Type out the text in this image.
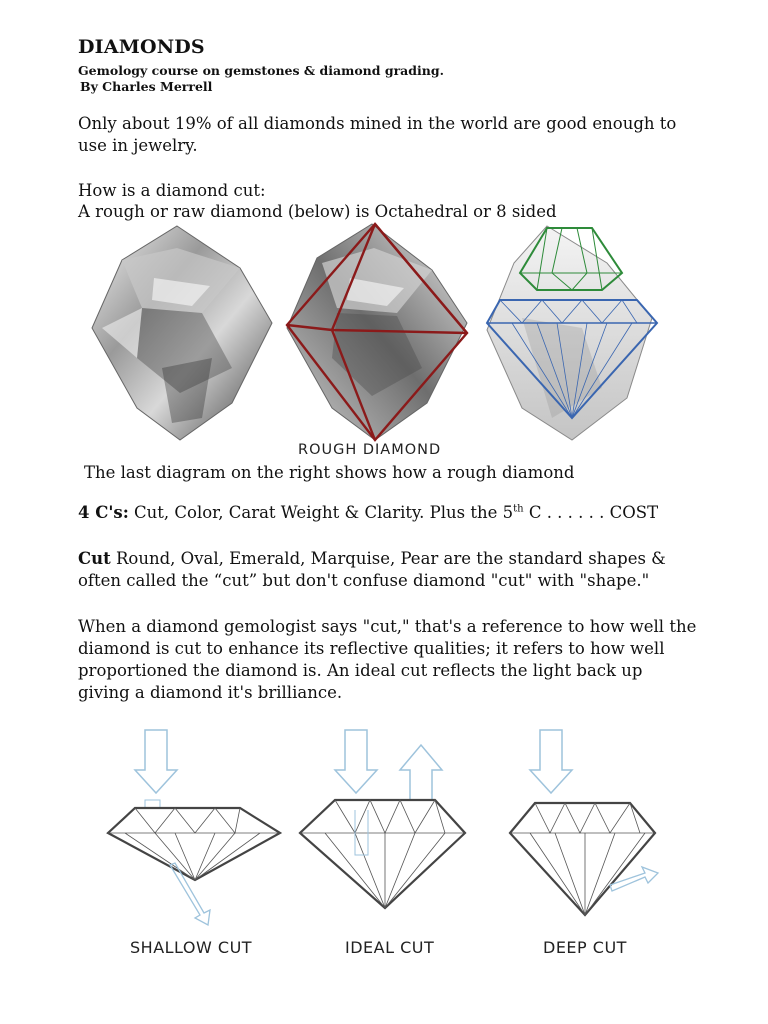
DIAMONDS
Gemology course on gemstones & diamond grading.
By Charles Merrell
Only about 19% of all diamonds mined in the world are good enough to use in jewelry.
How is a diamond cut:
A rough or raw diamond (below) is Octahedral or 8 sided
ROUGH DIAMOND
The last diagram on the right shows how a rough diamond
4 C's: Cut, Color, Carat Weight & Clarity. Plus the 5th C . . . . . . COST
Cut Round, Oval, Emerald, Marquise, Pear are the standard shapes & often called the “cut” but don't confuse diamond "cut" with "shape."
When a diamond gemologist says "cut," that's a reference to how well the diamond is cut to enhance its reflective qualities; it refers to how well proportioned the diamond is. An ideal cut reflects the light back up giving a diamond it's brilliance.
SHALLOW CUT	IDEAL CUT	DEEP CUT
